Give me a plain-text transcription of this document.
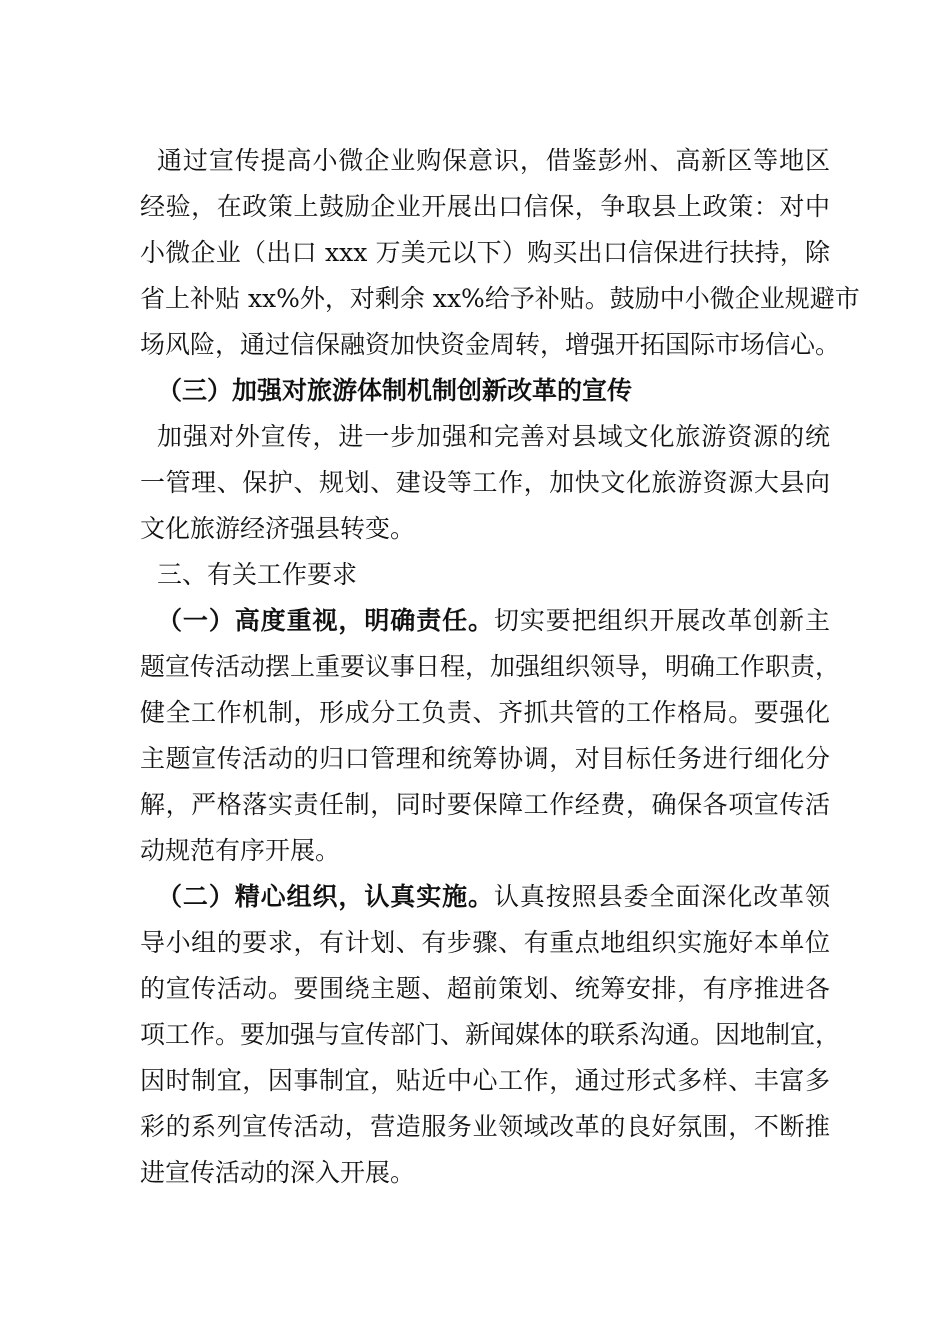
通过宣传提高小微企业购保意识，借鉴彭州、高新区等地区
经验，在政策上鼓励企业开展出口信保，争取县上政策：对中
小微企业（出口 xxx 万美元以下）购买出口信保进行扶持，除
省上补贴 xx%外，对剩余 xx%给予补贴。鼓励中小微企业规避市
场风险，通过信保融资加快资金周转，增强开拓国际市场信心。
（三）加强对旅游体制机制创新改革的宣传
加强对外宣传，进一步加强和完善对县域文化旅游资源的统
一管理、保护、规划、建设等工作，加快文化旅游资源大县向
文化旅游经济强县转变。
三、有关工作要求
（一）高度重视，明确责任。切实要把组织开展改革创新主
题宣传活动摆上重要议事日程，加强组织领导，明确工作职责，
健全工作机制，形成分工负责、齐抓共管的工作格局。要强化
主题宣传活动的归口管理和统筹协调，对目标任务进行细化分
解，严格落实责任制，同时要保障工作经费，确保各项宣传活
动规范有序开展。
（二）精心组织，认真实施。认真按照县委全面深化改革领
导小组的要求，有计划、有步骤、有重点地组织实施好本单位
的宣传活动。要围绕主题、超前策划、统筹安排，有序推进各
项工作。要加强与宣传部门、新闻媒体的联系沟通。因地制宜，
因时制宜，因事制宜，贴近中心工作，通过形式多样、丰富多
彩的系列宣传活动，营造服务业领域改革的良好氛围，不断推
进宣传活动的深入开展。
